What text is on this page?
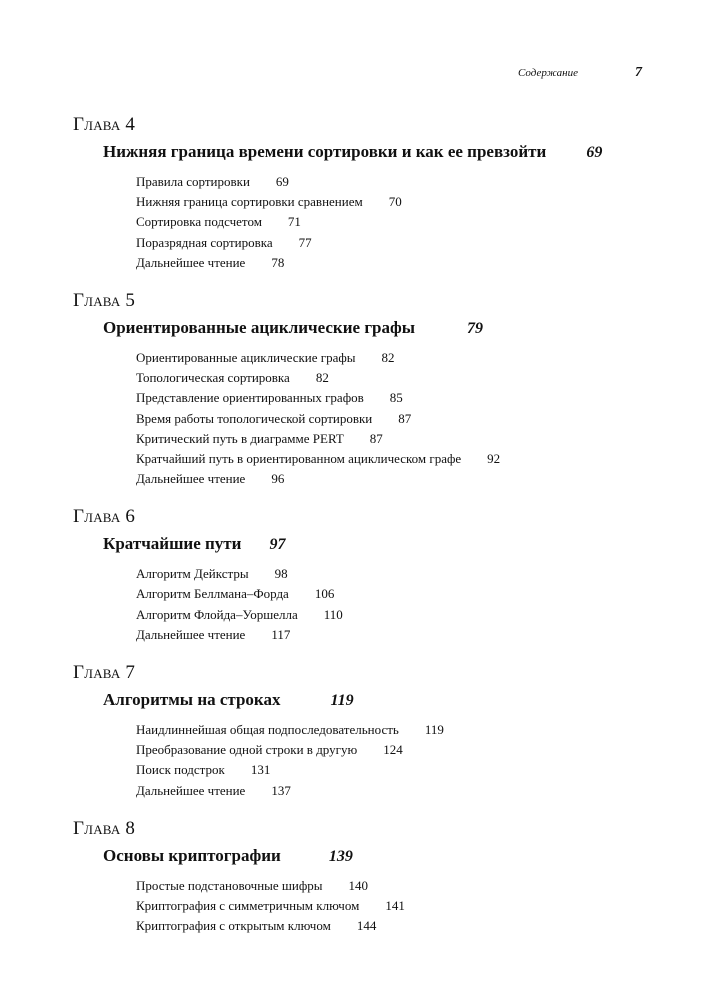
Содержание	7
Глава 4
Нижняя граница времени сортировки и как ее превзойти	69
Правила сортировки 69
Нижняя граница сортировки сравнением 70
Сортировка подсчетом 71
Поразрядная сортировка 77
Дальнейшее чтение 78
Глава 5
Ориентированные ациклические графы	79
Ориентированные ациклические графы 82
Топологическая сортировка 82
Представление ориентированных графов 85
Время работы топологической сортировки 87
Критический путь в диаграмме PERT 87
Кратчайший путь в ориентированном ациклическом графе 92
Дальнейшее чтение 96
Глава 6
Кратчайшие пути 97
Алгоритм Дейкстры 98
Алгоритм Беллмана–Форда 106
Алгоритм Флойда–Уоршелла 110
Дальнейшее чтение 117
Глава 7
Алгоритмы на строках	119
Наидлиннейшая общая подпоследовательность 119
Преобразование одной строки в другую 124
Поиск подстрок 131
Дальнейшее чтение 137
Глава 8
Основы криптографии	139
Простые подстановочные шифры 140
Криптография с симметричным ключом 141
Криптография с открытым ключом 144
